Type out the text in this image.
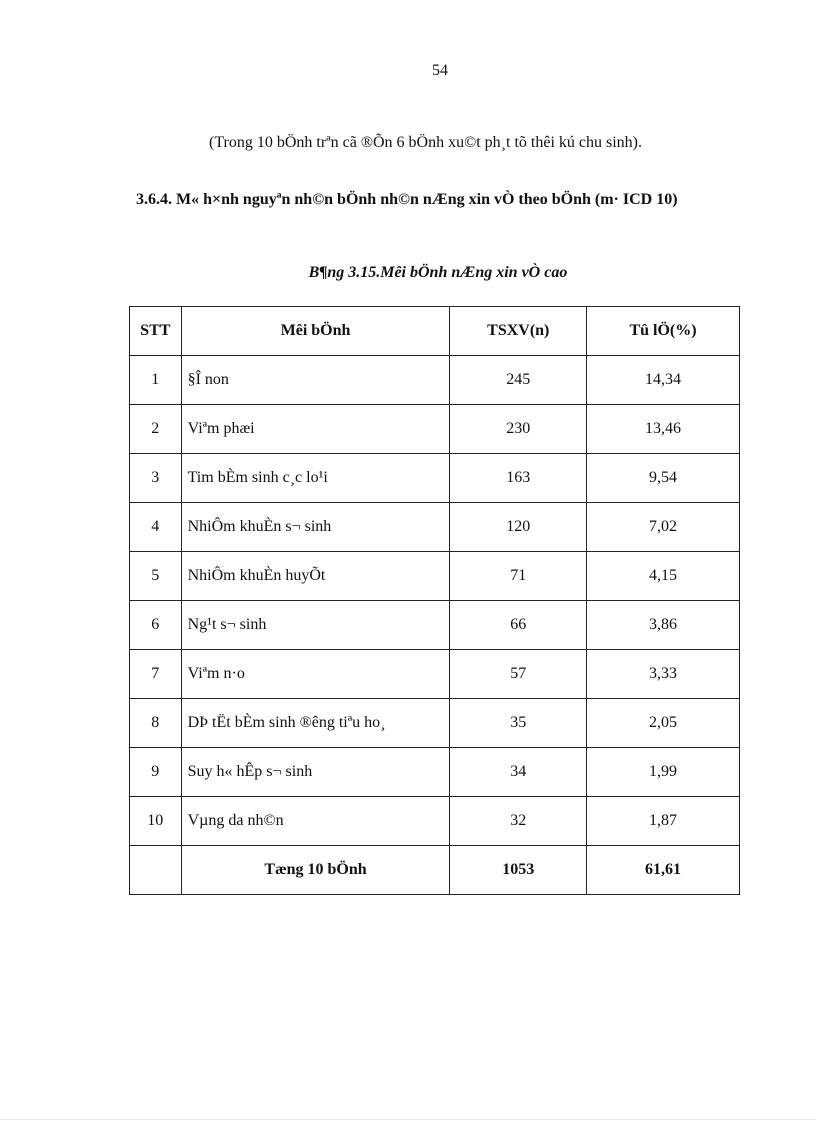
54
(Trong 10 bÖnh trªn cã ®Õn 6 bÖnh xu©t ph¸t tõ thêi kú chu sinh).
3.6.4. M« h×nh nguyªn nh©n bÖnh nh©n nÆng xin vÒ theo bÖnh (m· ICD 10)
B¶ng 3.15.Mêi bÖnh nÆng xin vÒ cao
STT	Mêi bÖnh	TSXV(n)	Tû lÖ(%)
1	§Î non	245	14,34
2	Viªm phæi	230	13,46
3	Tim bÈm sinh c¸c lo¹i	163	9,54
4	NhiÔm khuÈn s¬ sinh	120	7,02
5	NhiÔm khuÈn huyÕt	71	4,15
6	Ng¹t s¬ sinh	66	3,86
7	Viªm n·o	57	3,33
8	DÞ tËt bÈm sinh ®êng tiªu ho¸	35	2,05
9	Suy h« hÊp s¬ sinh	34	1,99
10	Vµng da nh©n	32	1,87
	Tæng 10 bÖnh	1053	61,61
